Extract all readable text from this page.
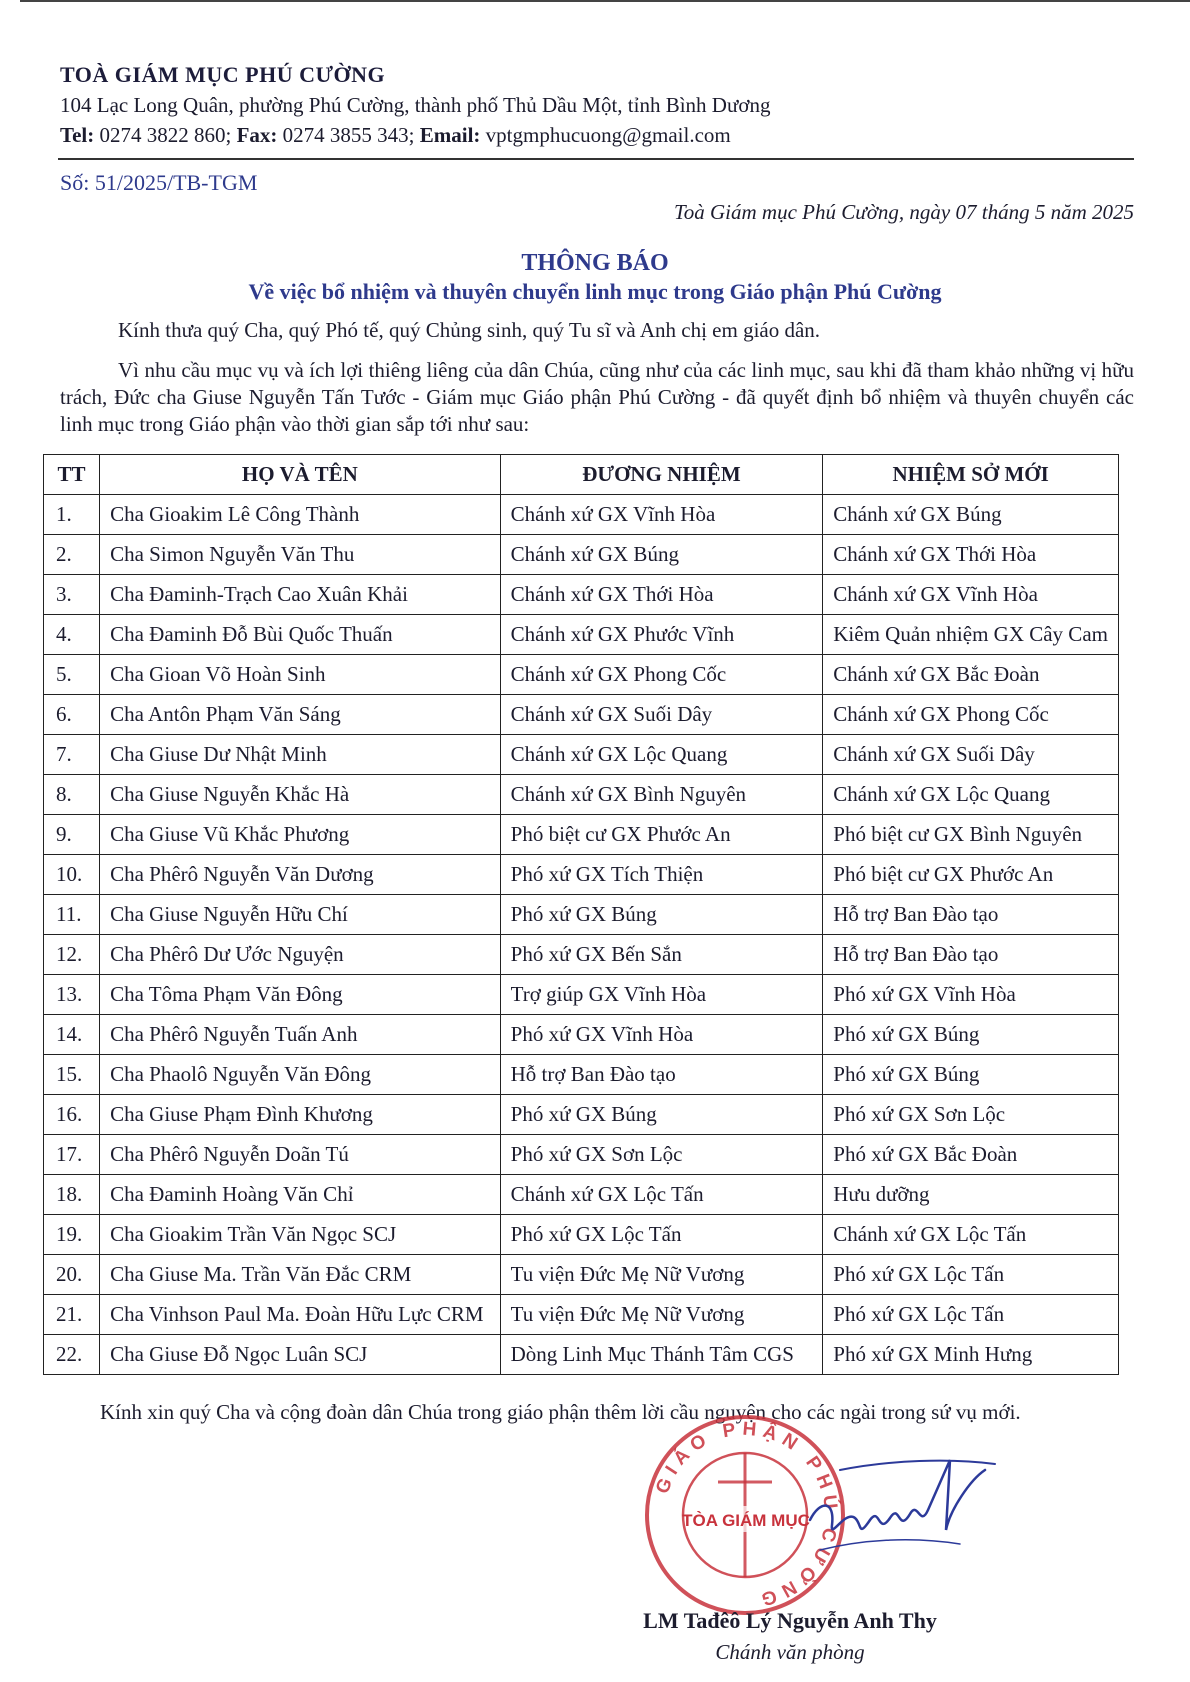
TOÀ GIÁM MỤC PHÚ CƯỜNG
104 Lạc Long Quân, phường Phú Cường, thành phố Thủ Dầu Một, tỉnh Bình Dương
Tel: 0274 3822 860; Fax: 0274 3855 343; Email: vptgmphucuong@gmail.com
Số: 51/2025/TB-TGM
Toà Giám mục Phú Cường, ngày 07 tháng 5 năm 2025
THÔNG BÁO
Về việc bổ nhiệm và thuyên chuyển linh mục trong Giáo phận Phú Cường
Kính thưa quý Cha, quý Phó tế, quý Chủng sinh, quý Tu sĩ và Anh chị em giáo dân.
Vì nhu cầu mục vụ và ích lợi thiêng liêng của dân Chúa, cũng như của các linh mục, sau khi đã tham khảo những vị hữu trách, Đức cha Giuse Nguyễn Tấn Tước - Giám mục Giáo phận Phú Cường - đã quyết định bổ nhiệm và thuyên chuyển các linh mục trong Giáo phận vào thời gian sắp tới như sau:
TT	HỌ VÀ TÊN	ĐƯƠNG NHIỆM	NHIỆM SỞ MỚI
1.	Cha Gioakim Lê Công Thành	Chánh xứ GX Vĩnh Hòa	Chánh xứ GX Búng
2.	Cha Simon Nguyễn Văn Thu	Chánh xứ GX Búng	Chánh xứ GX Thới Hòa
3.	Cha Đaminh-Trạch Cao Xuân Khải	Chánh xứ GX Thới Hòa	Chánh xứ GX Vĩnh Hòa
4.	Cha Đaminh Đỗ Bùi Quốc Thuấn	Chánh xứ GX Phước Vĩnh	Kiêm Quản nhiệm GX Cây Cam
5.	Cha Gioan Võ Hoàn Sinh	Chánh xứ GX Phong Cốc	Chánh xứ GX Bắc Đoàn
6.	Cha Antôn Phạm Văn Sáng	Chánh xứ GX Suối Dây	Chánh xứ GX Phong Cốc
7.	Cha Giuse Dư Nhật Minh	Chánh xứ GX Lộc Quang	Chánh xứ GX Suối Dây
8.	Cha Giuse Nguyễn Khắc Hà	Chánh xứ GX Bình Nguyên	Chánh xứ GX Lộc Quang
9.	Cha Giuse Vũ Khắc Phương	Phó biệt cư GX Phước An	Phó biệt cư GX Bình Nguyên
10.	Cha Phêrô Nguyễn Văn Dương	Phó xứ GX Tích Thiện	Phó biệt cư GX Phước An
11.	Cha Giuse Nguyễn Hữu Chí	Phó xứ GX Búng	Hỗ trợ Ban Đào tạo
12.	Cha Phêrô Dư Ước Nguyện	Phó xứ GX Bến Sắn	Hỗ trợ Ban Đào tạo
13.	Cha Tôma Phạm Văn Đông	Trợ giúp GX Vĩnh Hòa	Phó xứ GX Vĩnh Hòa
14.	Cha Phêrô Nguyễn Tuấn Anh	Phó xứ GX Vĩnh Hòa	Phó xứ GX Búng
15.	Cha Phaolô Nguyễn Văn Đông	Hỗ trợ Ban Đào tạo	Phó xứ GX Búng
16.	Cha Giuse Phạm Đình Khương	Phó xứ GX Búng	Phó xứ GX Sơn Lộc
17.	Cha Phêrô Nguyễn Doãn Tú	Phó xứ GX Sơn Lộc	Phó xứ GX Bắc Đoàn
18.	Cha Đaminh Hoàng Văn Chỉ	Chánh xứ GX Lộc Tấn	Hưu dưỡng
19.	Cha Gioakim Trần Văn Ngọc SCJ	Phó xứ GX Lộc Tấn	Chánh xứ GX Lộc Tấn
20.	Cha Giuse Ma. Trần Văn Đắc CRM	Tu viện Đức Mẹ Nữ Vương	Phó xứ GX Lộc Tấn
21.	Cha Vinhson Paul Ma. Đoàn Hữu Lực CRM	Tu viện Đức Mẹ Nữ Vương	Phó xứ GX Lộc Tấn
22.	Cha Giuse Đỗ Ngọc Luân SCJ	Dòng Linh Mục Thánh Tâm CGS	Phó xứ GX Minh Hưng
Kính xin quý Cha và cộng đoàn dân Chúa trong giáo phận thêm lời cầu nguyện cho các ngài trong sứ vụ mới.
GIÁO PHẬN PHÚ CƯỜNG
TÒA GIÁM MỤC
LM Tađêô Lý Nguyễn Anh Thy
Chánh văn phòng
